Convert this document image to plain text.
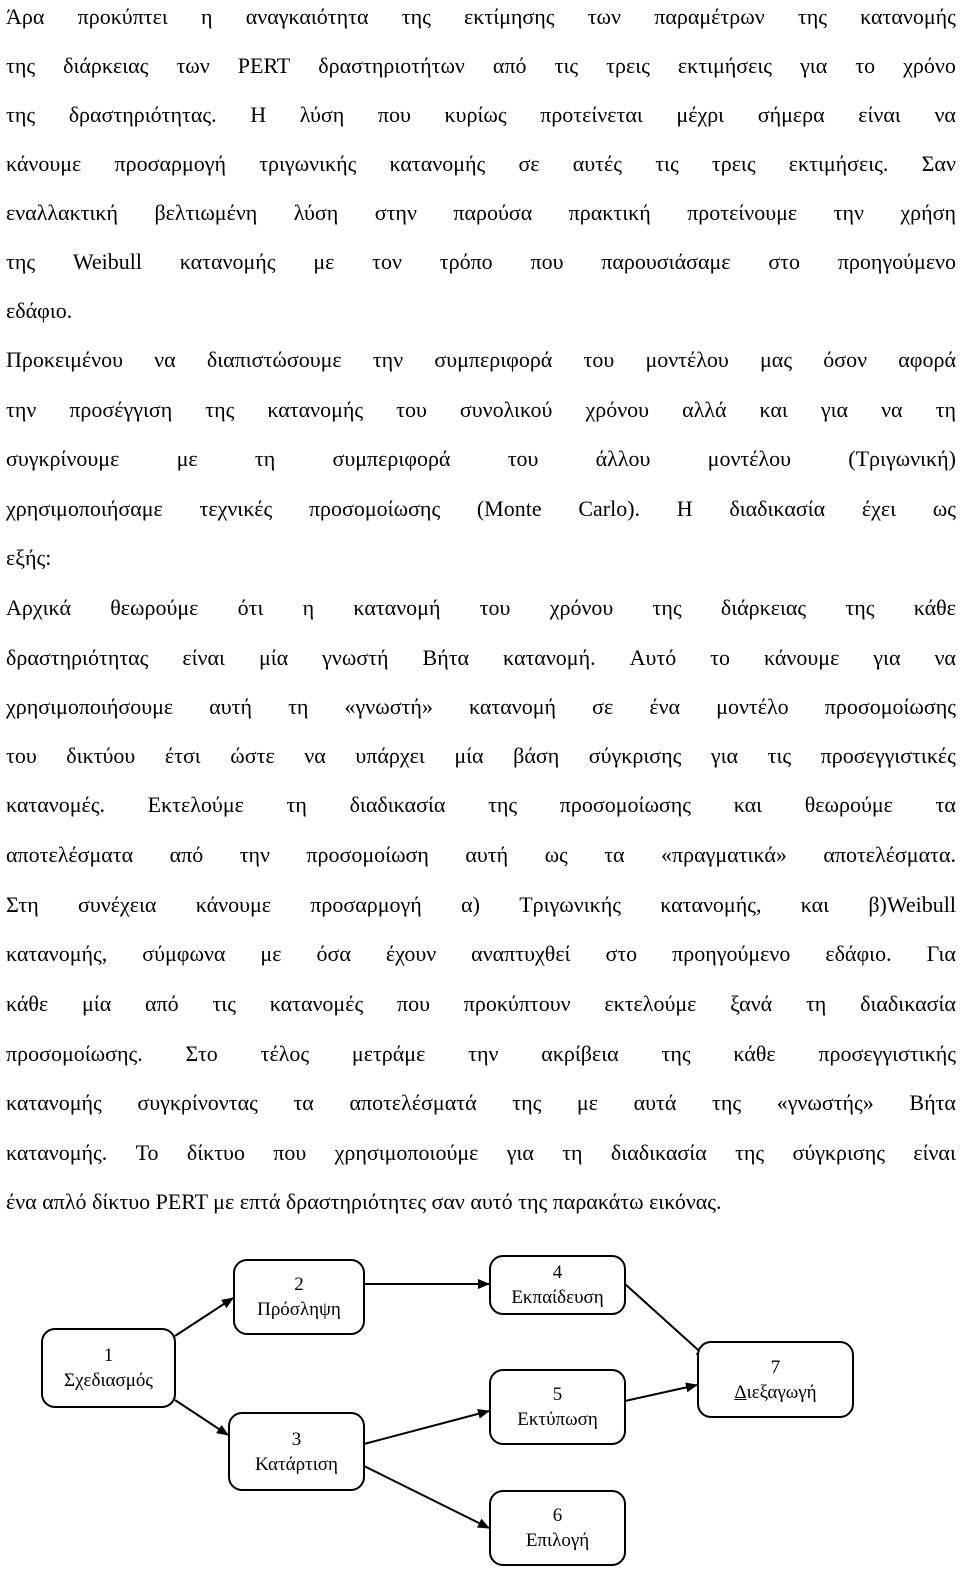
Άρα προκύπτει η αναγκαιότητα της εκτίμησης των παραμέτρων της κατανομής
της διάρκειας των PERT δραστηριοτήτων από τις τρεις εκτιμήσεις για το χρόνο
της δραστηριότητας. Η λύση που κυρίως προτείνεται μέχρι σήμερα είναι να
κάνουμε προσαρμογή τριγωνικής κατανομής σε αυτές τις τρεις εκτιμήσεις. Σαν
εναλλακτική βελτιωμένη λύση στην παρούσα πρακτική προτείνουμε την χρήση
της Weibull κατανομής με τον τρόπο που παρουσιάσαμε στο προηγούμενο
εδάφιο.
Προκειμένου να διαπιστώσουμε την συμπεριφορά του μοντέλου μας όσον αφορά
την προσέγγιση της κατανομής του συνολικού χρόνου αλλά και για να τη
συγκρίνουμε	με	τη	συμπεριφορά	του	άλλου	μοντέλου	(Τριγωνική)
χρησιμοποιήσαμε τεχνικές προσομοίωσης (Monte Carlo). Η διαδικασία έχει ως
εξής:
Αρχικά θεωρούμε ότι η κατανομή του χρόνου της διάρκειας της κάθε
δραστηριότητας είναι μία γνωστή Βήτα κατανομή. Αυτό το κάνουμε για να
χρησιμοποιήσουμε αυτή τη «γνωστή» κατανομή σε ένα μοντέλο προσομοίωσης
του δικτύου έτσι ώστε να υπάρχει μία βάση σύγκρισης για τις προσεγγιστικές
κατανομές. Εκτελούμε τη διαδικασία της προσομοίωσης και θεωρούμε τα
αποτελέσματα από την προσομοίωση αυτή ως τα «πραγματικά» αποτελέσματα.
Στη συνέχεια κάνουμε προσαρμογή α) Τριγωνικής κατανομής, και β)Weibull
κατανομής, σύμφωνα με όσα έχουν αναπτυχθεί στο προηγούμενο εδάφιο. Για
κάθε μία από τις κατανομές που προκύπτουν εκτελούμε ξανά τη διαδικασία
προσομοίωσης. Στο τέλος μετράμε την ακρίβεια της κάθε προσεγγιστικής
κατανομής συγκρίνοντας τα αποτελέσματά της με αυτά της «γνωστής» Βήτα
κατανομής. Το δίκτυο που χρησιμοποιούμε για τη διαδικασία της σύγκρισης είναι
ένα απλό δίκτυο PERT με επτά δραστηριότητες σαν αυτό της παρακάτω εικόνας.
1
Σχεδιασμός
2
Πρόσληψη
3
Κατάρτιση
4
Εκπαίδευση
5
Εκτύπωση
6
Επιλογή
7
Διεξαγωγή
